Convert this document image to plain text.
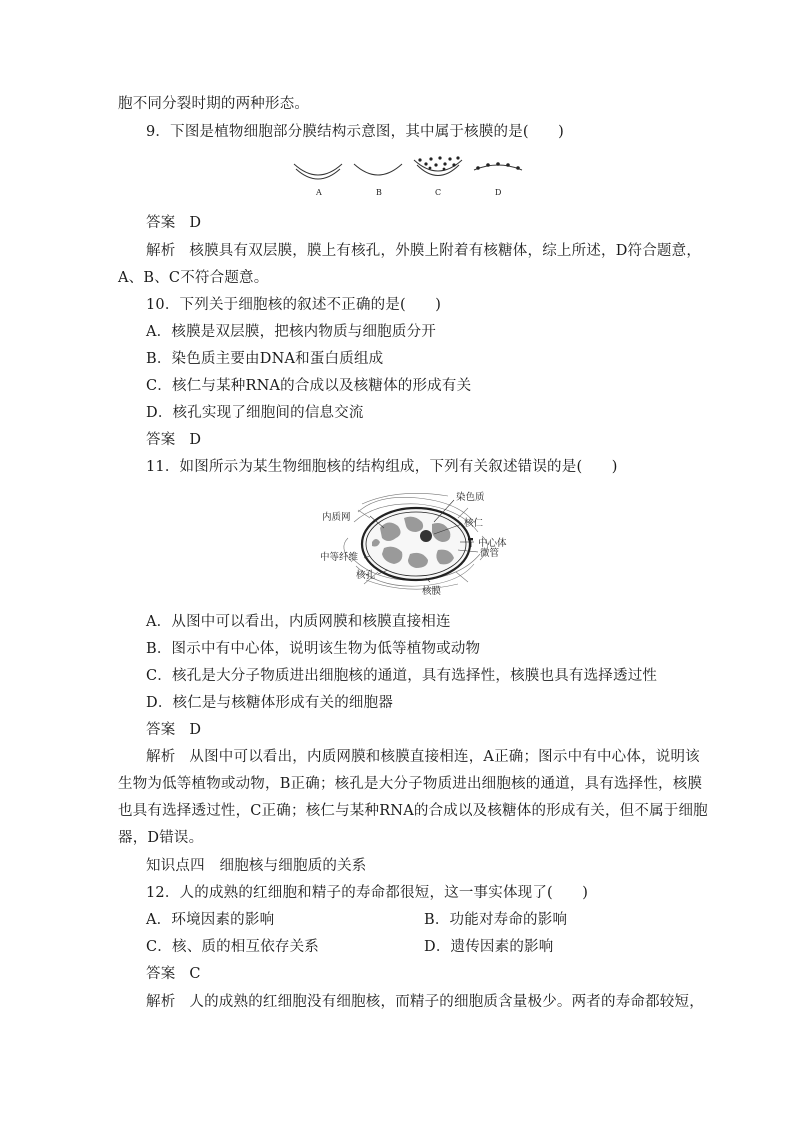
胞不同分裂时期的两种形态。
9．下图是植物细胞部分膜结构示意图，其中属于核膜的是(　　)
A	B	C	D
答案 D
解析 核膜具有双层膜，膜上有核孔，外膜上附着有核糖体，综上所述，D符合题意，
A、B、C不符合题意。
10．下列关于细胞核的叙述不正确的是(　　)
A．核膜是双层膜，把核内物质与细胞质分开
B．染色质主要由DNA和蛋白质组成
C．核仁与某种RNA的合成以及核糖体的形成有关
D．核孔实现了细胞间的信息交流
答案 D
11．如图所示为某生物细胞核的结构组成，下列有关叙述错误的是(　　)
染色质
内质网
核仁
中心体
微管
中等纤维
核孔
核膜
A．从图中可以看出，内质网膜和核膜直接相连
B．图示中有中心体，说明该生物为低等植物或动物
C．核孔是大分子物质进出细胞核的通道，具有选择性，核膜也具有选择透过性
D．核仁是与核糖体形成有关的细胞器
答案 D
解析 从图中可以看出，内质网膜和核膜直接相连，A正确；图示中有中心体，说明该
生物为低等植物或动物，B正确；核孔是大分子物质进出细胞核的通道，具有选择性，核膜
也具有选择透过性，C正确；核仁与某种RNA的合成以及核糖体的形成有关，但不属于细胞
器，D错误。
知识点四　细胞核与细胞质的关系
12．人的成熟的红细胞和精子的寿命都很短，这一事实体现了(　　)
A．环境因素的影响	B．功能对寿命的影响
C．核、质的相互依存关系	D．遗传因素的影响
答案 C
解析 人的成熟的红细胞没有细胞核，而精子的细胞质含量极少。两者的寿命都较短，
